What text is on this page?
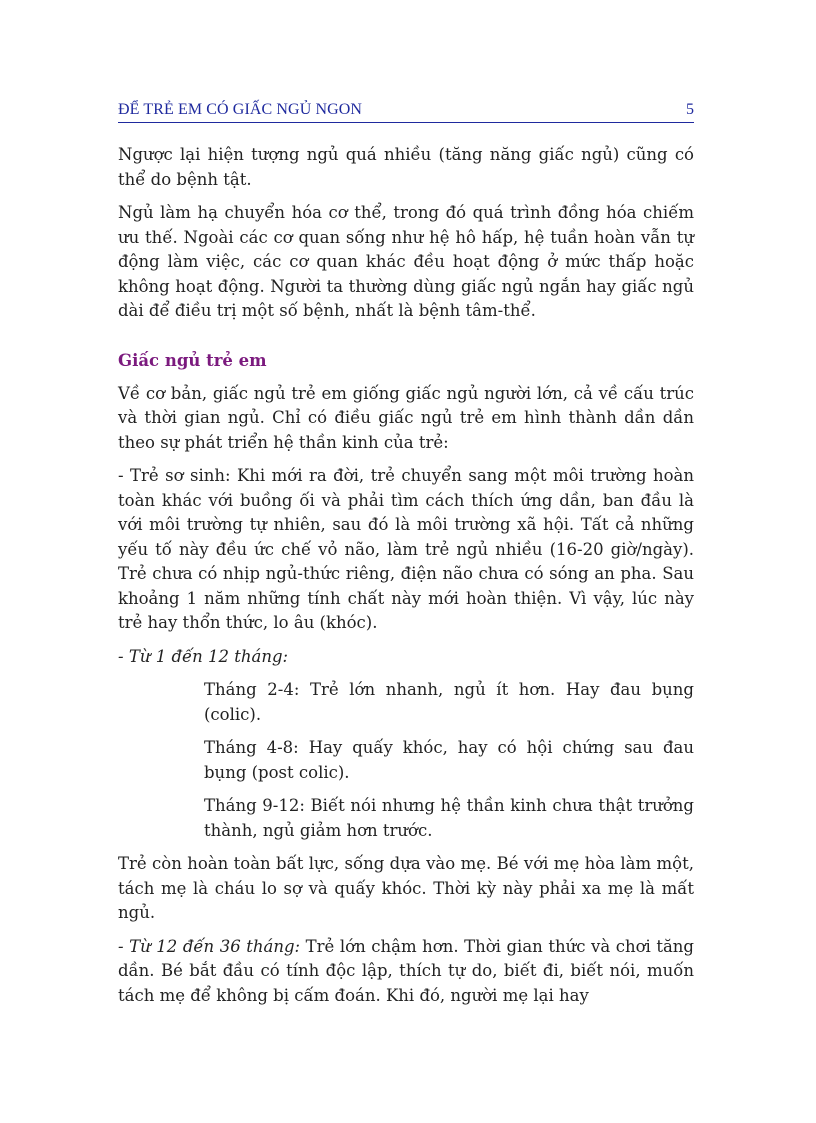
ĐỂ TRẺ EM CÓ GIẤC NGỦ NGON	5

Ngược lại hiện tượng ngủ quá nhiều (tăng năng giấc ngủ) cũng có thể do bệnh tật.

Ngủ làm hạ chuyển hóa cơ thể, trong đó quá trình đồng hóa chiếm ưu thế. Ngoài các cơ quan sống như hệ hô hấp, hệ tuần hoàn vẫn tự động làm việc, các cơ quan khác đều hoạt động ở mức thấp hoặc không hoạt động. Người ta thường dùng giấc ngủ ngắn hay giấc ngủ dài để điều trị một số bệnh, nhất là bệnh tâm-thể.

Giấc ngủ trẻ em

Về cơ bản, giấc ngủ trẻ em giống giấc ngủ người lớn, cả về cấu trúc và thời gian ngủ. Chỉ có điều giấc ngủ trẻ em hình thành dần dần theo sự phát triển hệ thần kinh của trẻ:

- Trẻ sơ sinh: Khi mới ra đời, trẻ chuyển sang một môi trường hoàn toàn khác với buồng ối và phải tìm cách thích ứng dần, ban đầu là với môi trường tự nhiên, sau đó là môi trường xã hội. Tất cả những yếu tố này đều ức chế vỏ não, làm trẻ ngủ nhiều (16-20 giờ/ngày). Trẻ chưa có nhịp ngủ-thức riêng, điện não chưa có sóng an pha. Sau khoảng 1 năm những tính chất này mới hoàn thiện. Vì vậy, lúc này trẻ hay thổn thức, lo âu (khóc).

- Từ 1 đến 12 tháng:

Tháng 2-4: Trẻ lớn nhanh, ngủ ít hơn. Hay đau bụng (colic).

Tháng 4-8: Hay quấy khóc, hay có hội chứng sau đau bụng (post colic).

Tháng 9-12: Biết nói nhưng hệ thần kinh chưa thật trưởng thành, ngủ giảm hơn trước.

Trẻ còn hoàn toàn bất lực, sống dựa vào mẹ. Bé với mẹ hòa làm một, tách mẹ là cháu lo sợ và quấy khóc. Thời kỳ này phải xa mẹ là mất ngủ.

- Từ 12 đến 36 tháng: Trẻ lớn chậm hơn. Thời gian thức và chơi tăng dần. Bé bắt đầu có tính độc lập, thích tự do, biết đi, biết nói, muốn tách mẹ để không bị cấm đoán. Khi đó, người mẹ lại hay
